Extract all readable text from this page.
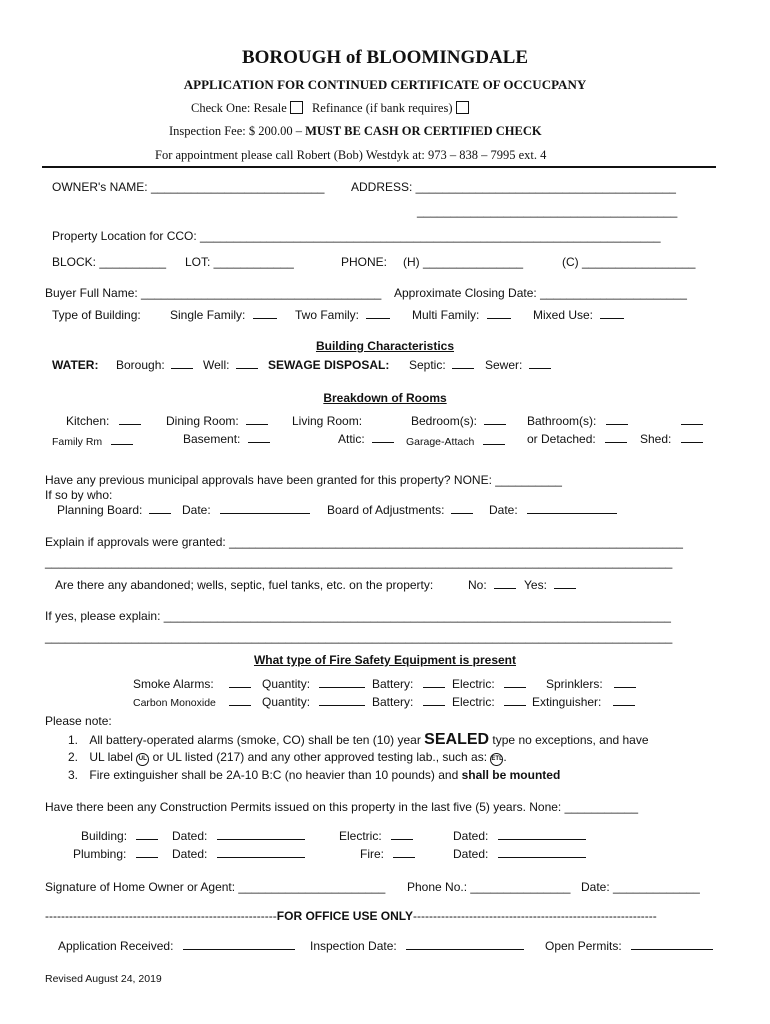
BOROUGH of BLOOMINGDALE
APPLICATION FOR CONTINUED CERTIFICATE OF OCCUCPANY
Check One: Resale Refinance (if bank requires)
Inspection Fee: $ 200.00 – MUST BE CASH OR CERTIFIED CHECK
For appointment please call Robert (Bob) Westdyk at: 973 – 838 – 7995 ext. 4
OWNER's NAME: __________________________ ADDRESS: _______________________________________
_______________________________________
Property Location for CCO: _____________________________________________________________________
BLOCK: __________ LOT: ____________	PHONE: (H) _______________	(C) _________________
Buyer Full Name: ____________________________________ Approximate Closing Date: ______________________
Type of Building: Single Family:	Two Family:	Multi Family:	Mixed Use:
Building Characteristics
WATER: Borough:	Well:	SEWAGE DISPOSAL: Septic:	Sewer:
Breakdown of Rooms
Kitchen:	Dining Room:	Living Room:	Bedroom(s):	Bathroom(s):
Family Rm	Basement:	Attic:	Garage-Attach	or Detached:	Shed:
Have any previous municipal approvals have been granted for this property? NONE: __________
If so by who:
Planning Board:	Date:	Board of Adjustments:	Date:
Explain if approvals were granted: ____________________________________________________________________
______________________________________________________________________________________________
Are there any abandoned; wells, septic, fuel tanks, etc. on the property:	No:	Yes:
If yes, please explain: ____________________________________________________________________________
______________________________________________________________________________________________
What type of Fire Safety Equipment is present
Smoke Alarms:	Quantity:	Battery:	Electric:	Sprinklers:
Carbon Monoxide	Quantity:	Battery:	Electric:	Extinguisher:
Please note:
1. All battery-operated alarms (smoke, CO) shall be ten (10) year SEALED type no exceptions, and have
2. UL label UL or UL listed (217) and any other approved testing lab., such as: ETL.
3. Fire extinguisher shall be 2A-10 B:C (no heavier than 10 pounds) and shall be mounted
Have there been any Construction Permits issued on this property in the last five (5) years. None: ___________
Building:	Dated:	Electric:	Dated:
Plumbing:	Dated:	Fire:	Dated:
Signature of Home Owner or Agent: ______________________ Phone No.: _______________ Date: _____________
----------------------------------------------------------FOR OFFICE USE ONLY-------------------------------------------------------------
Application Received:	Inspection Date:	Open Permits:
Revised August 24, 2019
